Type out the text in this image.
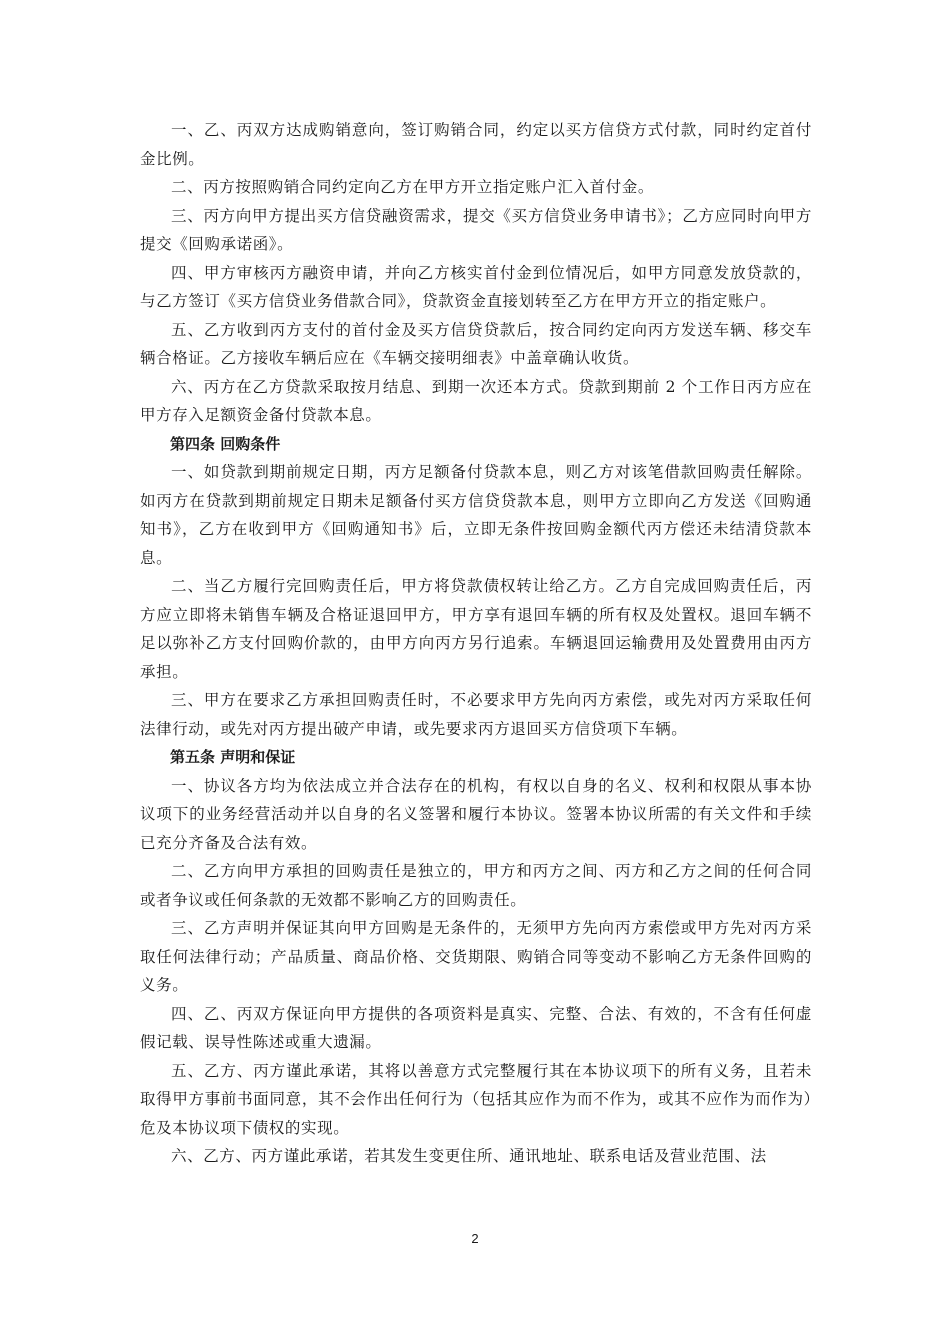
一、乙、丙双方达成购销意向，签订购销合同，约定以买方信贷方式付款，同时约定首付金比例。

二、丙方按照购销合同约定向乙方在甲方开立指定账户汇入首付金。

三、丙方向甲方提出买方信贷融资需求，提交《买方信贷业务申请书》；乙方应同时向甲方提交《回购承诺函》。

四、甲方审核丙方融资申请，并向乙方核实首付金到位情况后，如甲方同意发放贷款的，与乙方签订《买方信贷业务借款合同》，贷款资金直接划转至乙方在甲方开立的指定账户。

五、乙方收到丙方支付的首付金及买方信贷贷款后，按合同约定向丙方发送车辆、移交车辆合格证。乙方接收车辆后应在《车辆交接明细表》中盖章确认收货。

六、丙方在乙方贷款采取按月结息、到期一次还本方式。贷款到期前 2 个工作日丙方应在甲方存入足额资金备付贷款本息。

第四条 回购条件

一、如贷款到期前规定日期，丙方足额备付贷款本息，则乙方对该笔借款回购责任解除。如丙方在贷款到期前规定日期未足额备付买方信贷贷款本息，则甲方立即向乙方发送《回购通知书》，乙方在收到甲方《回购通知书》后，立即无条件按回购金额代丙方偿还未结清贷款本息。

二、当乙方履行完回购责任后，甲方将贷款债权转让给乙方。乙方自完成回购责任后，丙方应立即将未销售车辆及合格证退回甲方，甲方享有退回车辆的所有权及处置权。退回车辆不足以弥补乙方支付回购价款的，由甲方向丙方另行追索。车辆退回运输费用及处置费用由丙方承担。

三、甲方在要求乙方承担回购责任时，不必要求甲方先向丙方索偿，或先对丙方采取任何法律行动，或先对丙方提出破产申请，或先要求丙方退回买方信贷项下车辆。

第五条 声明和保证

一、协议各方均为依法成立并合法存在的机构，有权以自身的名义、权利和权限从事本协议项下的业务经营活动并以自身的名义签署和履行本协议。签署本协议所需的有关文件和手续已充分齐备及合法有效。

二、乙方向甲方承担的回购责任是独立的，甲方和丙方之间、丙方和乙方之间的任何合同或者争议或任何条款的无效都不影响乙方的回购责任。

三、乙方声明并保证其向甲方回购是无条件的，无须甲方先向丙方索偿或甲方先对丙方采取任何法律行动；产品质量、商品价格、交货期限、购销合同等变动不影响乙方无条件回购的义务。

四、乙、丙双方保证向甲方提供的各项资料是真实、完整、合法、有效的，不含有任何虚假记载、误导性陈述或重大遗漏。

五、乙方、丙方谨此承诺，其将以善意方式完整履行其在本协议项下的所有义务，且若未取得甲方事前书面同意，其不会作出任何行为（包括其应作为而不作为，或其不应作为而作为）危及本协议项下债权的实现。

六、乙方、丙方谨此承诺，若其发生变更住所、通讯地址、联系电话及营业范围、法

2
